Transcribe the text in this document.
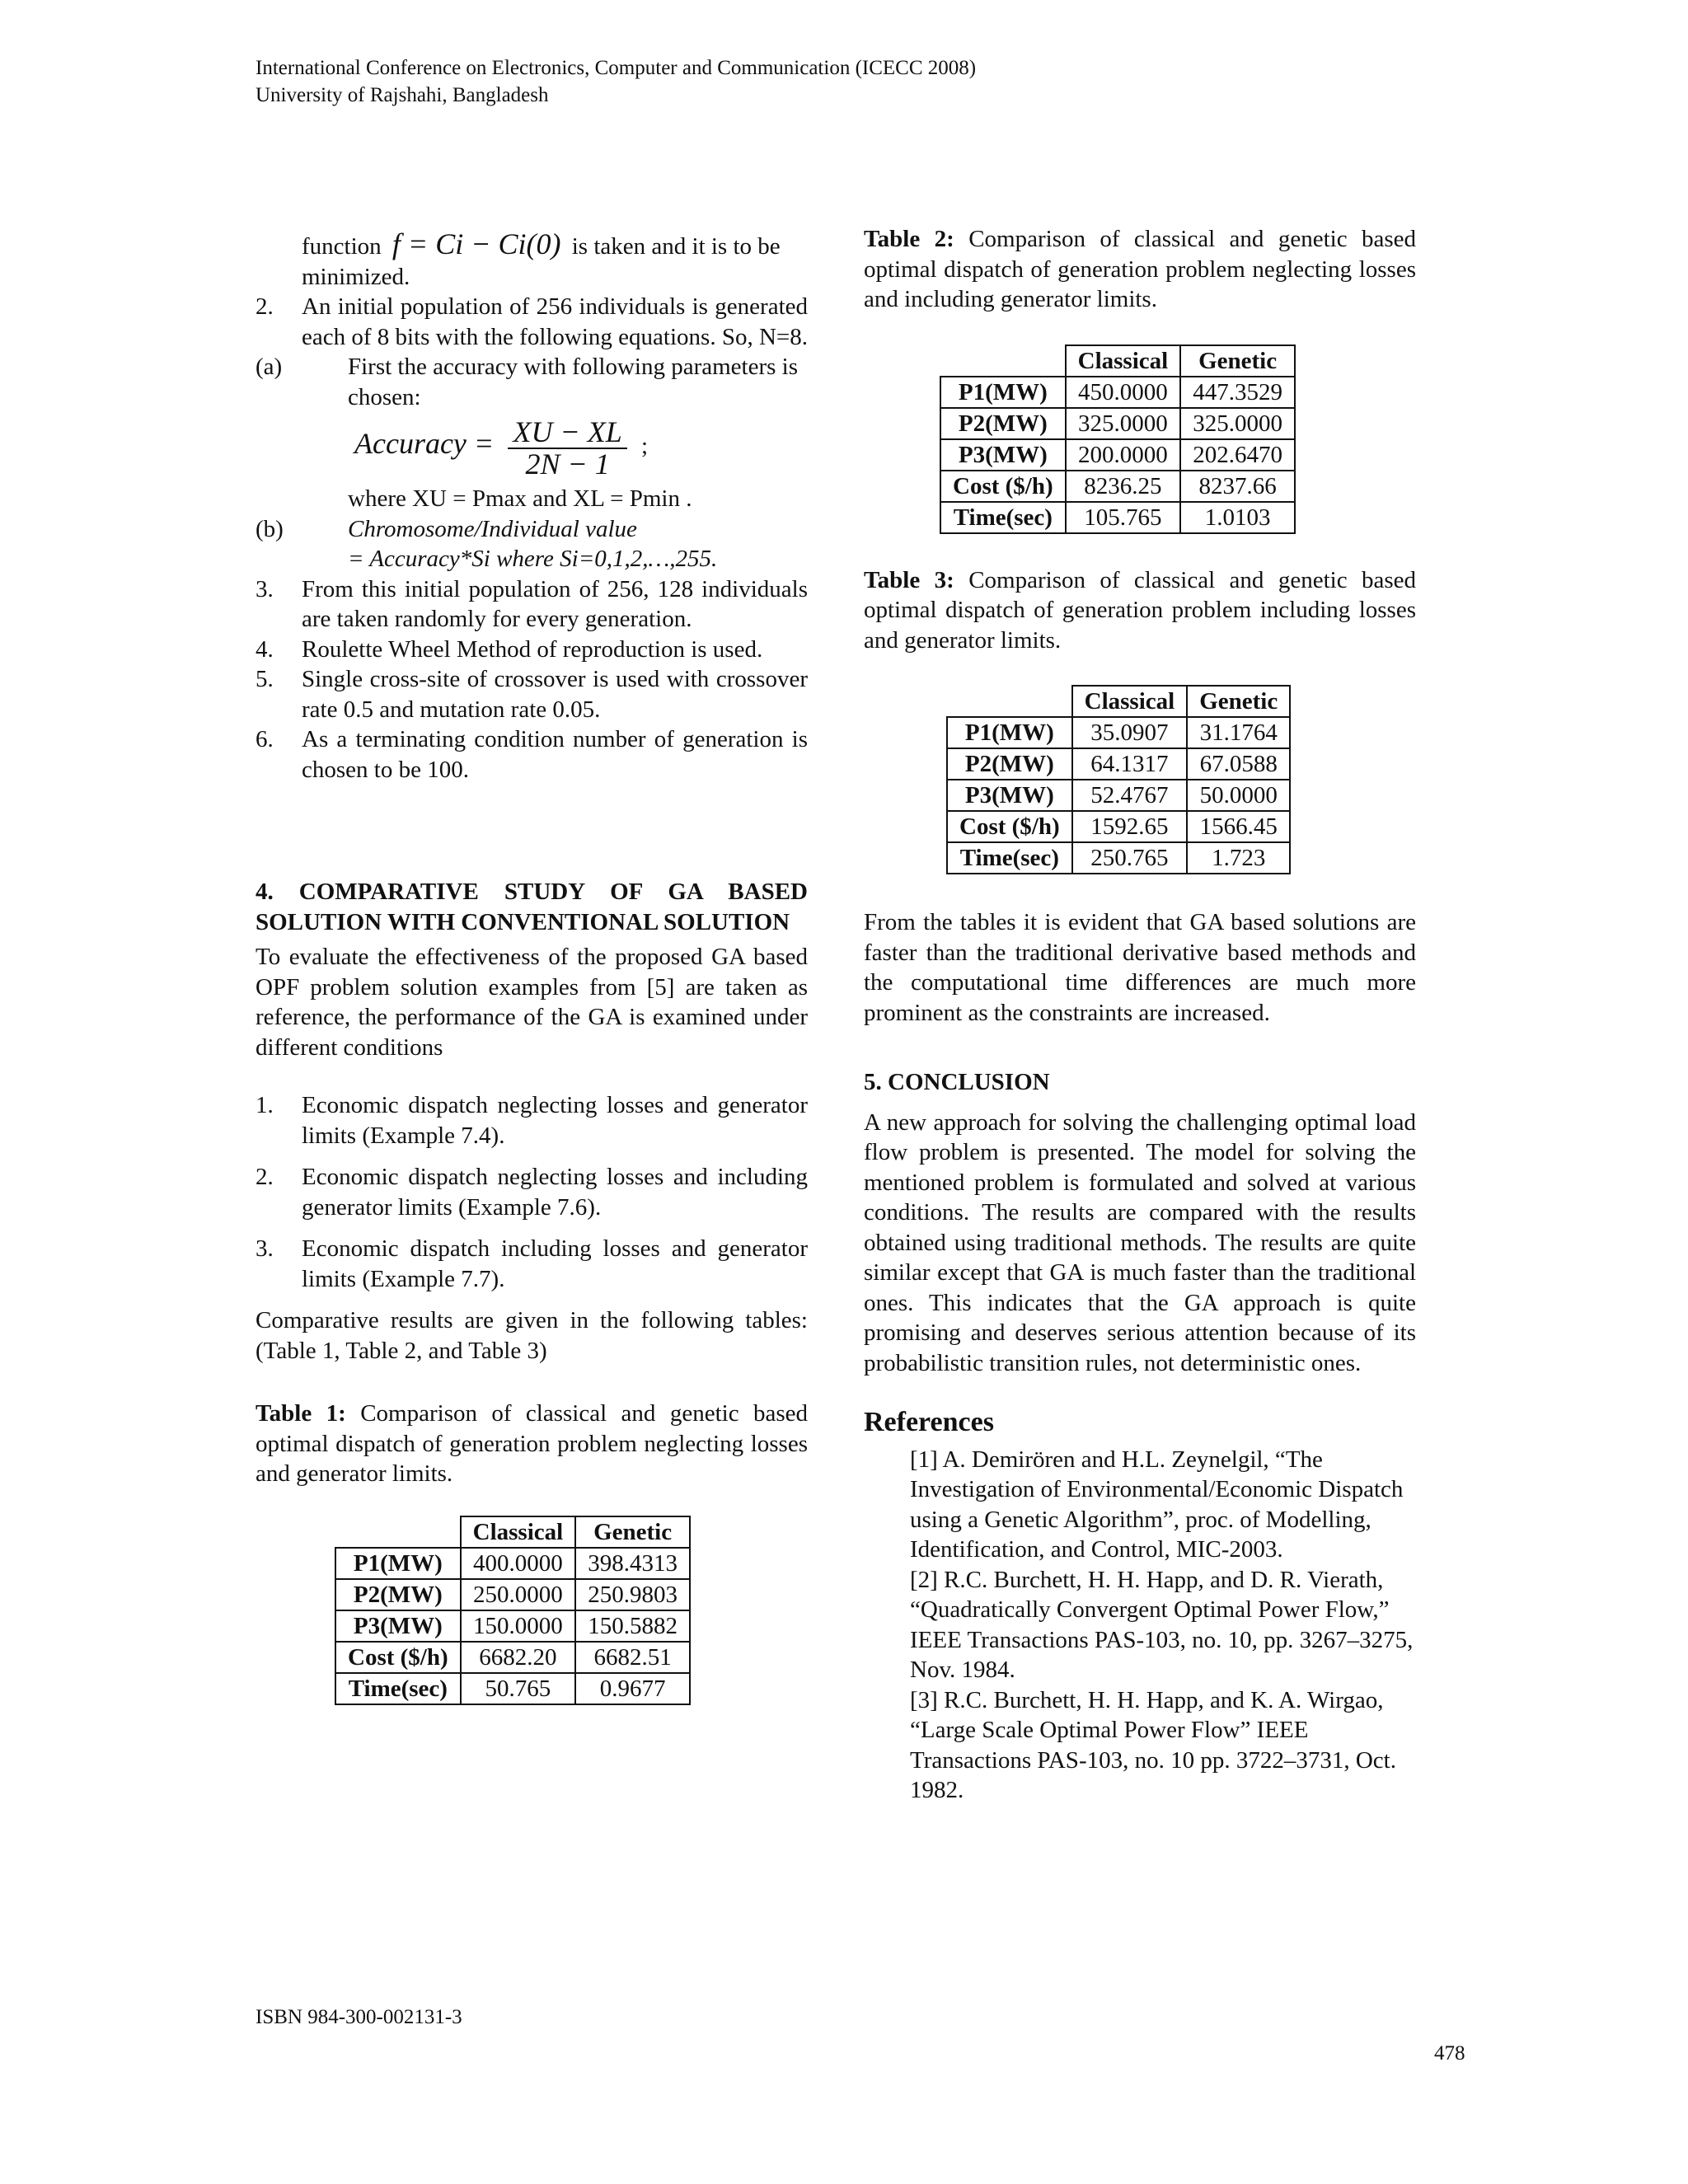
International Conference on Electronics, Computer and Communication (ICECC 2008)
University of Rajshahi, Bangladesh
function f = Ci − Ci(0) is taken and it is to be minimized.
2. An initial population of 256 individuals is generated each of 8 bits with the following equations. So, N=8.
(a)	First the accuracy with following parameters is chosen:
Accuracy = $\frac{XU - XL}{2N - 1}$ ;
where XU = Pmax and XL = Pmin .
(b)	Chromosome/Individual value
= Accuracy*Si where Si=0,1,2,…,255.
3. From this initial population of 256, 128 individuals are taken randomly for every generation.
4. Roulette Wheel Method of reproduction is used.
5. Single cross-site of crossover is used with crossover rate 0.5 and mutation rate 0.05.
6. As a terminating condition number of generation is chosen to be 100.
4. COMPARATIVE STUDY OF GA BASED SOLUTION WITH CONVENTIONAL SOLUTION
To evaluate the effectiveness of the proposed GA based OPF problem solution examples from [5] are taken as reference, the performance of the GA is examined under different conditions
1. Economic dispatch neglecting losses and generator limits (Example 7.4).
2. Economic dispatch neglecting losses and including generator limits (Example 7.6).
3. Economic dispatch including losses and generator limits (Example 7.7).
Comparative results are given in the following tables: (Table 1, Table 2, and Table 3)
Table 1: Comparison of classical and genetic based optimal dispatch of generation problem neglecting losses and generator limits.
	Classical	Genetic
P1(MW)	400.0000	398.4313
P2(MW)	250.0000	250.9803
P3(MW)	150.0000	150.5882
Cost ($/h)	6682.20	6682.51
Time(sec)	50.765	0.9677
Table 2: Comparison of classical and genetic based optimal dispatch of generation problem neglecting losses and including generator limits.
	Classical	Genetic
P1(MW)	450.0000	447.3529
P2(MW)	325.0000	325.0000
P3(MW)	200.0000	202.6470
Cost ($/h)	8236.25	8237.66
Time(sec)	105.765	1.0103
Table 3: Comparison of classical and genetic based optimal dispatch of generation problem including losses and generator limits.
	Classical	Genetic
P1(MW)	35.0907	31.1764
P2(MW)	64.1317	67.0588
P3(MW)	52.4767	50.0000
Cost ($/h)	1592.65	1566.45
Time(sec)	250.765	1.723
From the tables it is evident that GA based solutions are faster than the traditional derivative based methods and the computational time differences are much more prominent as the constraints are increased.
5. CONCLUSION
A new approach for solving the challenging optimal load flow problem is presented. The model for solving the mentioned problem is formulated and solved at various conditions. The results are compared with the results obtained using traditional methods. The results are quite similar except that GA is much faster than the traditional ones. This indicates that the GA approach is quite promising and deserves serious attention because of its probabilistic transition rules, not deterministic ones.
References
[1] A. Demirören and H.L. Zeynelgil, “The Investigation of Environmental/Economic Dispatch using a Genetic Algorithm”, proc. of Modelling, Identification, and Control, MIC-2003.
[2] R.C. Burchett, H. H. Happ, and D. R. Vierath, “Quadratically Convergent Optimal Power Flow,” IEEE Transactions PAS-103, no. 10, pp. 3267–3275, Nov. 1984.
[3] R.C. Burchett, H. H. Happ, and K. A. Wirgao, “Large Scale Optimal Power Flow” IEEE Transactions PAS-103, no. 10 pp. 3722–3731, Oct. 1982.
ISBN 984-300-002131-3
478
